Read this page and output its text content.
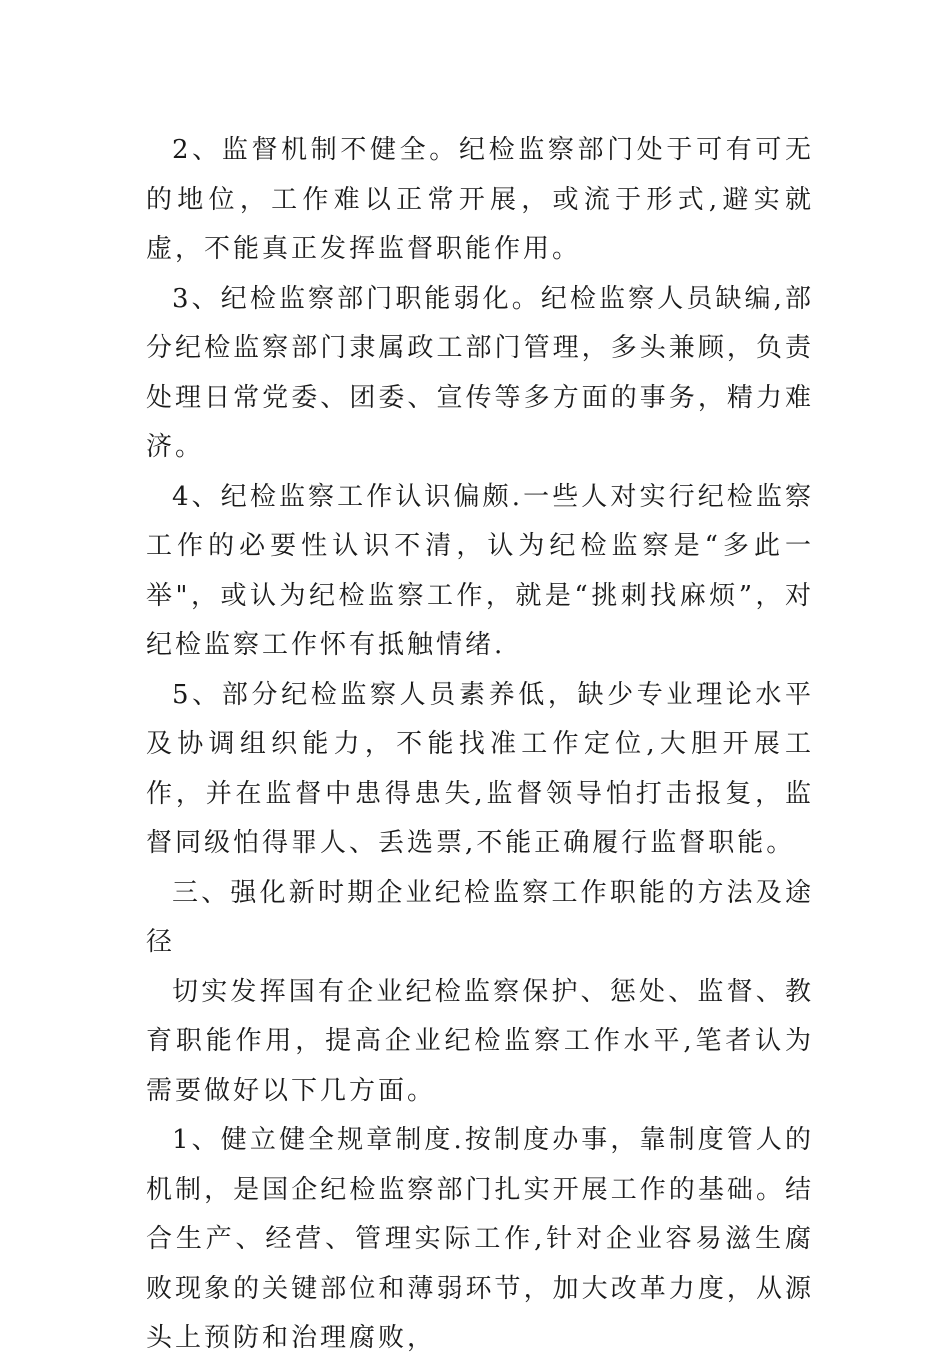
2、监督机制不健全。纪检监察部门处于可有可无的地位，工作难以正常开展，或流于形式,避实就虚，不能真正发挥监督职能作用。

3、纪检监察部门职能弱化。纪检监察人员缺编,部分纪检监察部门隶属政工部门管理，多头兼顾，负责处理日常党委、团委、宣传等多方面的事务，精力难济。

4、纪检监察工作认识偏颇.一些人对实行纪检监察工作的必要性认识不清，认为纪检监察是“多此一举"，或认为纪检监察工作，就是“挑刺找麻烦”，对纪检监察工作怀有抵触情绪.

5、部分纪检监察人员素养低，缺少专业理论水平及协调组织能力，不能找准工作定位,大胆开展工作，并在监督中患得患失,监督领导怕打击报复，监督同级怕得罪人、丢选票,不能正确履行监督职能。

三、强化新时期企业纪检监察工作职能的方法及途径

切实发挥国有企业纪检监察保护、惩处、监督、教育职能作用，提高企业纪检监察工作水平,笔者认为需要做好以下几方面。

1、健立健全规章制度.按制度办事，靠制度管人的机制，是国企纪检监察部门扎实开展工作的基础。结合生产、经营、管理实际工作,针对企业容易滋生腐败现象的关键部位和薄弱环节，加大改革力度，从源头上预防和治理腐败，
